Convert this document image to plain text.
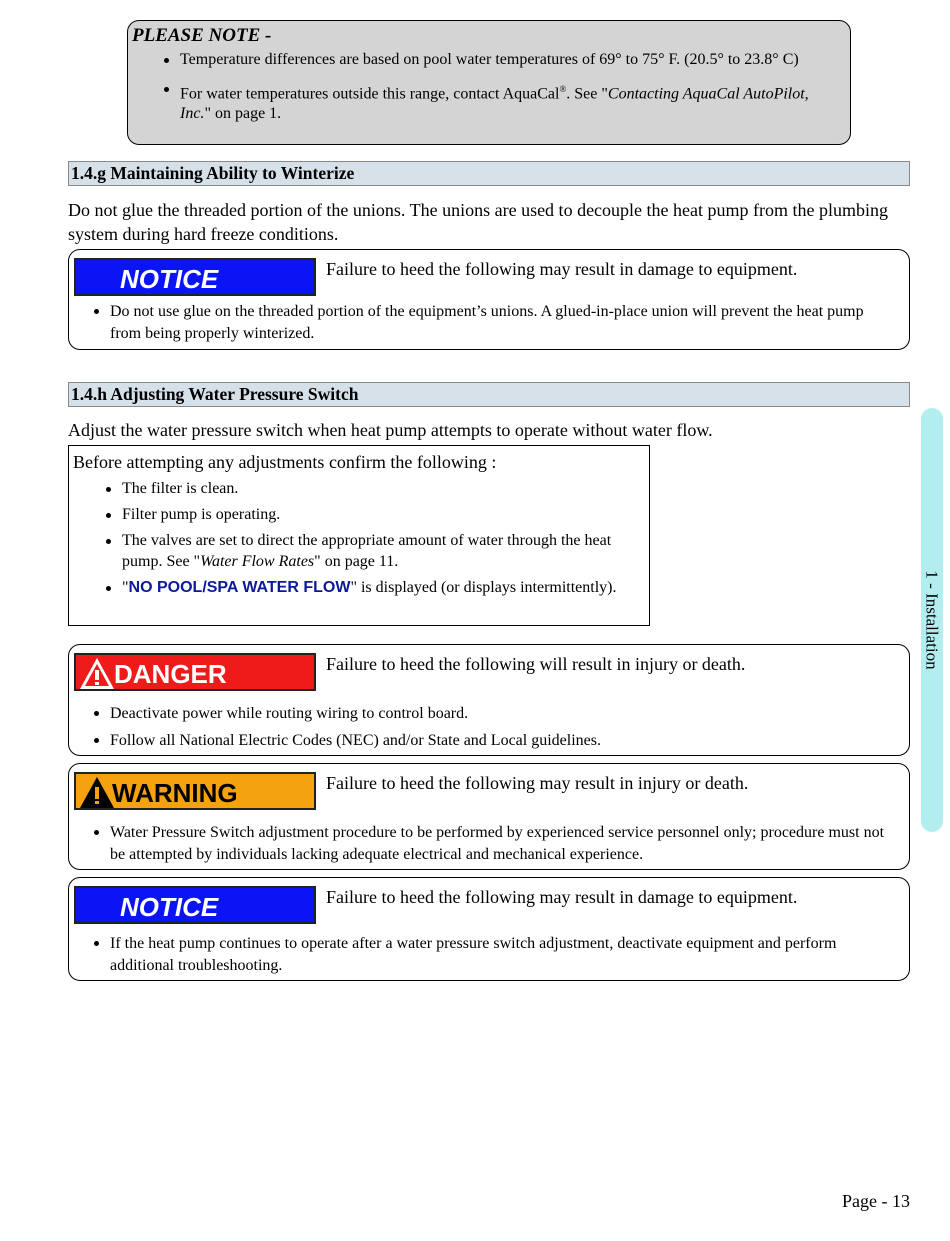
PLEASE NOTE -
Temperature differences are based on pool water temperatures of 69° to 75° F. (20.5° to 23.8° C)
For water temperatures outside this range, contact AquaCal®. See "Contacting AquaCal AutoPilot, Inc." on page 1.
1.4.g Maintaining Ability to Winterize
Do not glue the threaded portion of the unions. The unions are used to decouple the heat pump from the plumbing system during hard freeze conditions.
NOTICE	Failure to heed the following may result in damage to equipment.
Do not use glue on the threaded portion of the equipment’s unions. A glued-in-place union will prevent the heat pump from being properly winterized.
1.4.h Adjusting Water Pressure Switch
Adjust the water pressure switch when heat pump attempts to operate without water flow.
Before attempting any adjustments confirm the following :
The filter is clean.
Filter pump is operating.
The valves are set to direct the appropriate amount of water through the heat pump. See "Water Flow Rates" on page 11.
"NO POOL/SPA WATER FLOW" is displayed (or displays intermittently).
DANGER	Failure to heed the following will result in injury or death.
Deactivate power while routing wiring to control board.
Follow all National Electric Codes (NEC) and/or State and Local guidelines.
WARNING	Failure to heed the following may result in injury or death.
Water Pressure Switch adjustment procedure to be performed by experienced service personnel only; procedure must not be attempted by individuals lacking adequate electrical and mechanical experience.
NOTICE	Failure to heed the following may result in damage to equipment.
If the heat pump continues to operate after a water pressure switch adjustment, deactivate equipment and perform additional troubleshooting.
1 - Installation
Page - 13
